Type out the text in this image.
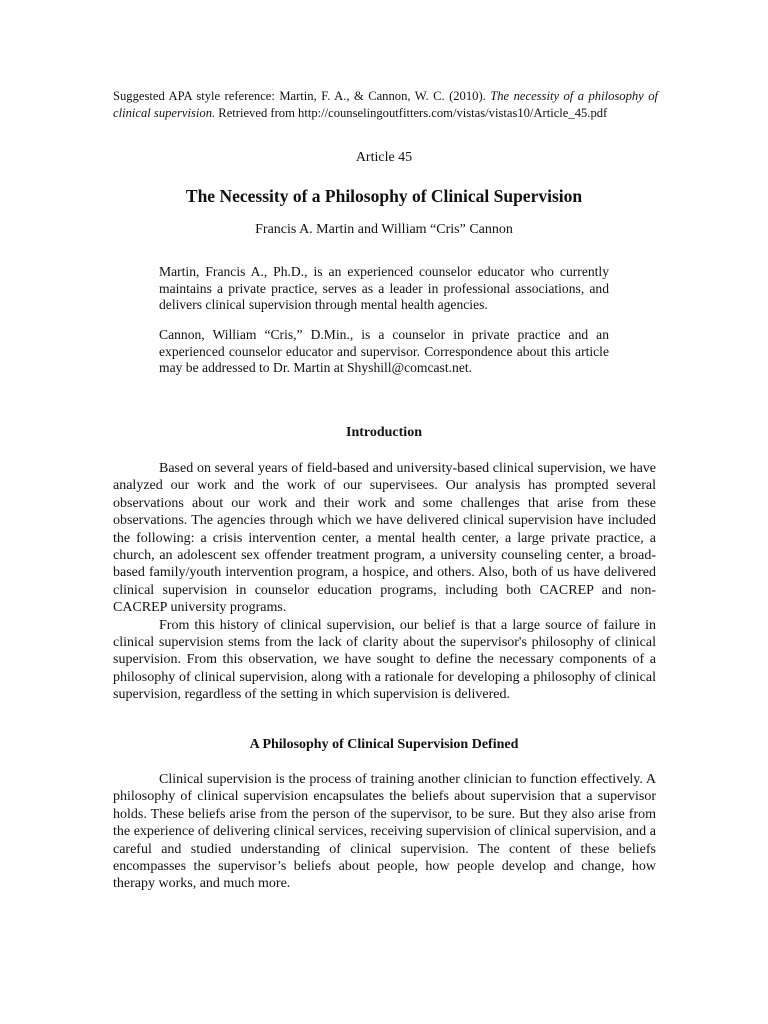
Suggested APA style reference: Martin, F. A., & Cannon, W. C. (2010). The necessity of a philosophy of clinical supervision. Retrieved from http://counselingoutfitters.com/vistas/vistas10/Article_45.pdf
Article 45
The Necessity of a Philosophy of Clinical Supervision
Francis A. Martin and William “Cris” Cannon
Martin, Francis A., Ph.D., is an experienced counselor educator who currently maintains a private practice, serves as a leader in professional associations, and delivers clinical supervision through mental health agencies.
Cannon, William “Cris,” D.Min., is a counselor in private practice and an experienced counselor educator and supervisor. Correspondence about this article may be addressed to Dr. Martin at Shyshill@comcast.net.
Introduction

Based on several years of field-based and university-based clinical supervision, we have analyzed our work and the work of our supervisees. Our analysis has prompted several observations about our work and their work and some challenges that arise from these observations. The agencies through which we have delivered clinical supervision have included the following: a crisis intervention center, a mental health center, a large private practice, a church, an adolescent sex offender treatment program, a university counseling center, a broad-based family/youth intervention program, a hospice, and others. Also, both of us have delivered clinical supervision in counselor education programs, including both CACREP and non-CACREP university programs.

From this history of clinical supervision, our belief is that a large source of failure in clinical supervision stems from the lack of clarity about the supervisor's philosophy of clinical supervision. From this observation, we have sought to define the necessary components of a philosophy of clinical supervision, along with a rationale for developing a philosophy of clinical supervision, regardless of the setting in which supervision is delivered.

A Philosophy of Clinical Supervision Defined

Clinical supervision is the process of training another clinician to function effectively. A philosophy of clinical supervision encapsulates the beliefs about supervision that a supervisor holds. These beliefs arise from the person of the supervisor, to be sure. But they also arise from the experience of delivering clinical services, receiving supervision of clinical supervision, and a careful and studied understanding of clinical supervision. The content of these beliefs encompasses the supervisor’s beliefs about people, how people develop and change, how therapy works, and much more.
